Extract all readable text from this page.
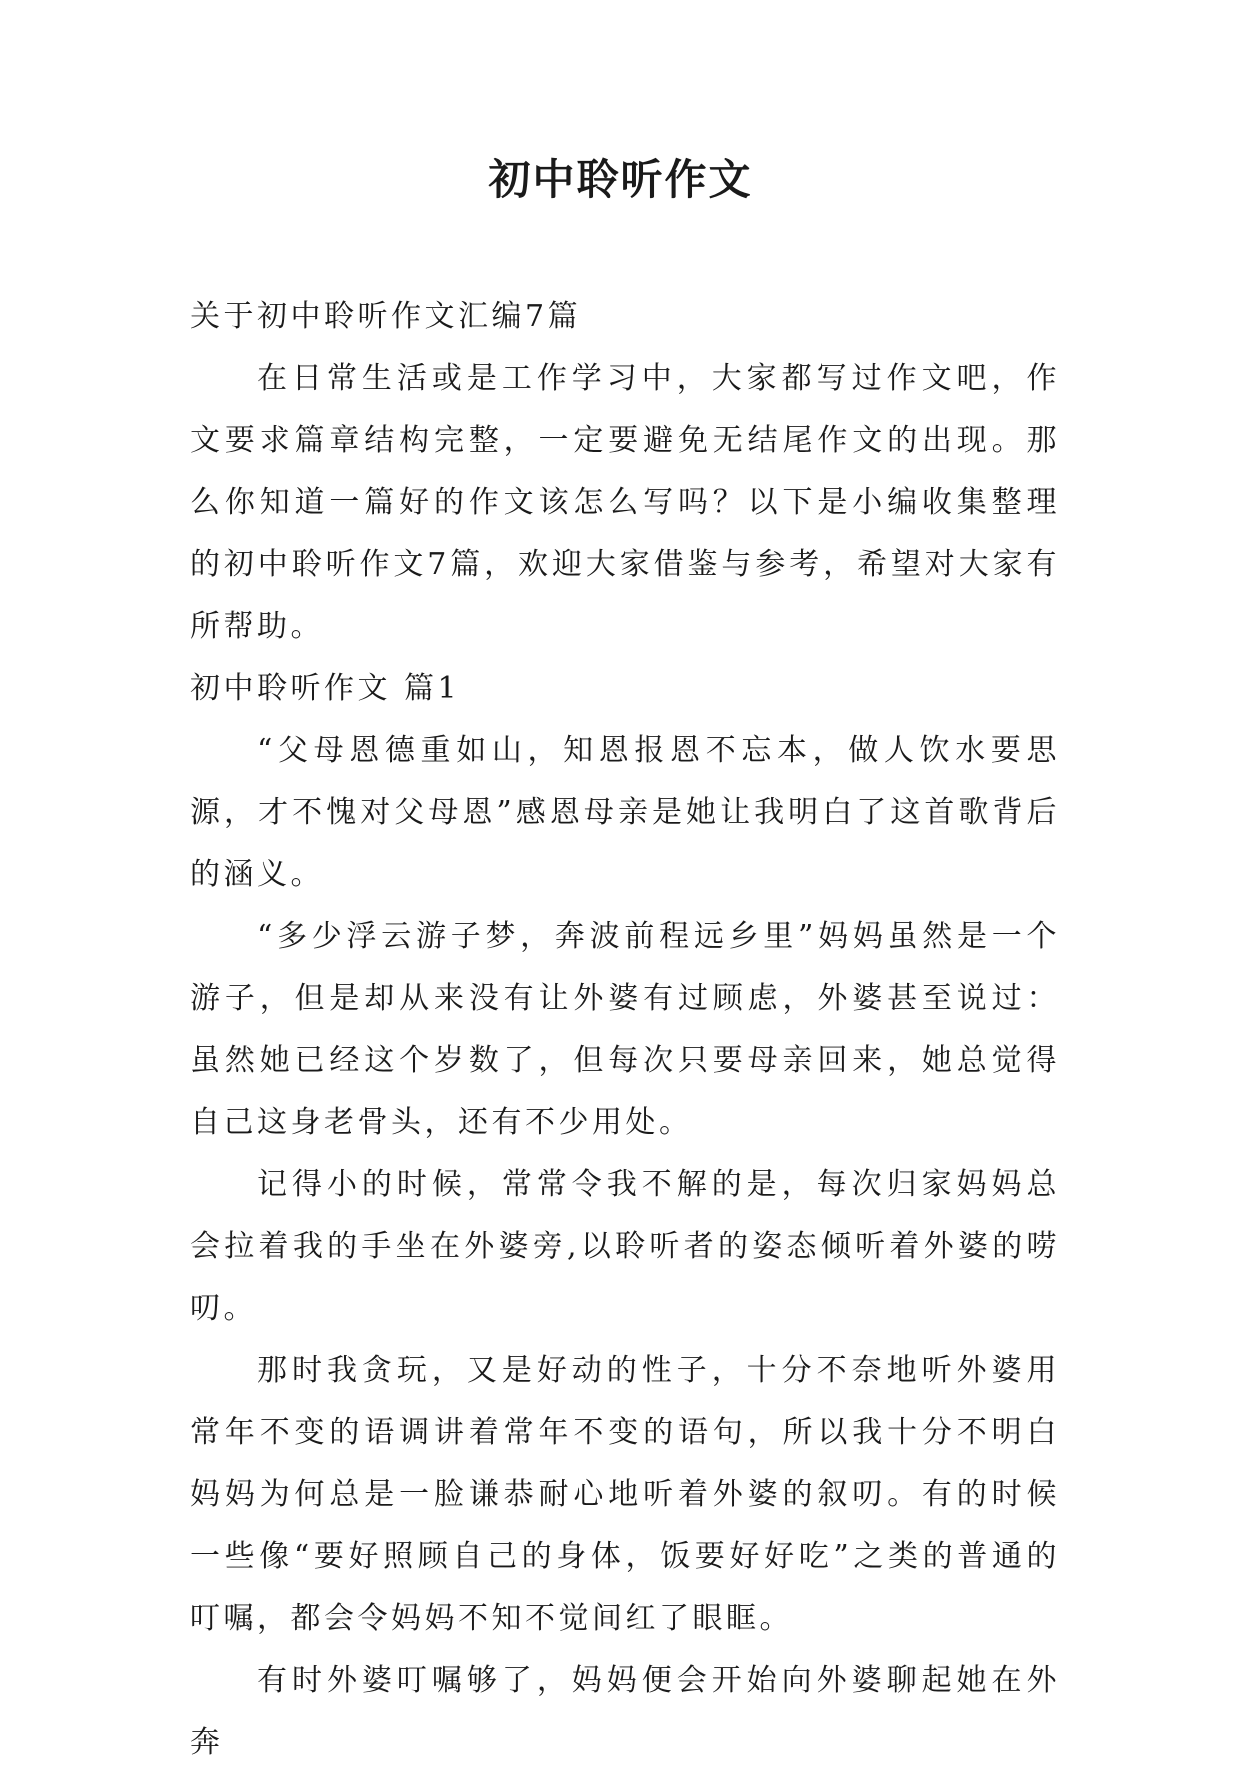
初中聆听作文

关于初中聆听作文汇编7篇

在日常生活或是工作学习中，大家都写过作文吧，作文要求篇章结构完整，一定要避免无结尾作文的出现。那么你知道一篇好的作文该怎么写吗？以下是小编收集整理的初中聆听作文7篇，欢迎大家借鉴与参考，希望对大家有所帮助。

初中聆听作文 篇1

“父母恩德重如山，知恩报恩不忘本，做人饮水要思源，才不愧对父母恩”感恩母亲是她让我明白了这首歌背后的涵义。

“多少浮云游子梦，奔波前程远乡里”妈妈虽然是一个游子，但是却从来没有让外婆有过顾虑，外婆甚至说过：虽然她已经这个岁数了，但每次只要母亲回来，她总觉得自己这身老骨头，还有不少用处。

记得小的时候，常常令我不解的是，每次归家妈妈总会拉着我的手坐在外婆旁,以聆听者的姿态倾听着外婆的唠叨。

那时我贪玩，又是好动的性子，十分不奈地听外婆用常年不变的语调讲着常年不变的语句，所以我十分不明白妈妈为何总是一脸谦恭耐心地听着外婆的叙叨。有的时候一些像“要好照顾自己的身体，饭要好好吃”之类的普通的叮嘱，都会令妈妈不知不觉间红了眼眶。

有时外婆叮嘱够了，妈妈便会开始向外婆聊起她在外奔
